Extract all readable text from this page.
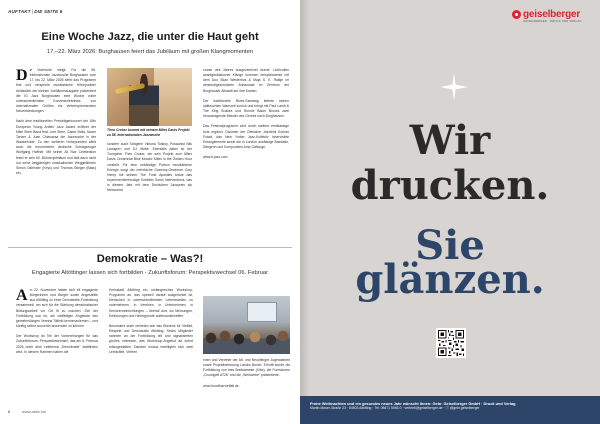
AUFTAKT|DIE SEITE 6
Eine Woche Jazz, die unter die Haut geht
17.–22. März 2026: Burghausen feiert das Jubiläum mit großen Klangmomenten

Die Vorfreude steigt: Für die 55. Internationale Jazzwoche Burghausen vom 17. bis 22. März 2026 steht das Programm fest und verspricht musikalische Höhepunkte! Anlässlich der kleinen Jubiläumsausgabe präsentiert die IG Jazz Burghausen eine Woche voller unterschiedlichster Konzerterlebnisse, von internationalen Größen bis vielversprechenden Neuentdeckungen.

Nach dem traditionellen Preisträgerkonzert der 16th European Young Artists' Jazz Award eröffnet der Mike Stern Band feat. Lent Stern, Gabor Bolla, Noam Tanzer & Juan Chiavassa die Jazzwoche in der Wackerhalle. Zu den weiteren Höhepunkten zählt auch die renommierte deutsche Schlagzeuger Wolfgang Haffner. Mit seiner All Star Celebration feiert er sein 60. Bühnenjubiläum und lädt dazu nicht nur seine langjährigen musikalischen Weggefährten Simon Oslender (Keys) und Thomas Stieger (Bass) ein,

Theo Croker kommt mit seinem Miles Davis Projekt zu 55. Internationalen Jazzwoche

sondern auch Sängerin Viktoria Tolstoy, Posaunist Nils Landgren und DJ Illvibe. Ebenfalls dabei ist der Trompeter Theo Croker, der sein Projekt zum Miles Davis Centennial Blue Moods: Miles in the Golden Hour vorstellt. Für eine unbändige Portion musikalische Energie sorgt der mehrfache Grammy-Gewinner Cory Henry mit seinem The Funk Apostles sowie das experimentierfreudige Kollektiv Sonic Interventions, das in diesem Jahr mit dem Deutschen Jazzpreis als Newcomer

comer des Jahres ausgezeichnet wurde. Lichtvollen avantgardistischer Klänge kommen beispielsweise mit dem Duo Stian Westerhus & Maja S. K. Ratkje im denkmalgeschützten Anbausaal im Zentrum der Burghauser Altstadt auf ihre Kosten.

Der traditionelle Blues-Samstag lieferte seinen sattleuchten Warnzeit zurück und bringt mit Paul Lamb & The King Snakes und Ronnie Baker Brooks zwei herausragende Meister des Genres nach Burghausen.

Das Festivalprogramm wird durch weitere erstklassige Acts ergänzt. Darunter der Gelsicher Jazzfesti Korhan Futaci, das New Yorker Jazz-Kollektiv Innervisible Entanglements sowie die in London ansässige Bassistin, Sängerin und Komponistin Amp Gallouge.

www.b-jazz.com

Demokratie – Was?!
Engagierte Altöttinger lassen sich fortbilden - Zukunftsforum: Perspektivwechsel 06. Februar

Am 22. November haben sich elf engagierte Bürgerinnen und Bürger sowie Angestellte aus Altötting zu einer Demokratie-Fortbildung versammelt, um sich für die Stärkung demokratischer Bildungsarbeit vor Ort fit zu machen. Ziel der Fortbildung war es, die vielfältigen Angebote des gemeinnützigen Vereins Tiklinki kennenzulernen – und künftig selbst souverän anwenden zu können.

Der Workshop ist Teil der Vorbereitungen für das Zukunftsforum: Perspektivwechsel, das am 6. Februar 2026 unter dem Leitthema „Demokratie“ stattfinden wird. In diesem Rahmen haben die

Kreisstadt Altötting ein umfangreiches Workshop-Programm an, das speziell darauf ausgerichtet ist, Menschen in unterschiedlichsten Lebenswelten zu unternehmen, in Vereinen, in Unternehmen, in Seniorenreinrichtungen – überall dort, wo Meinungen, Erfahrungen und Hintergründe aufeinandertreffen.

Besonders stark vertreten war das Bündnis für Vielfalt, Respekt und Demokratie Altötting. Sechs Mitglieder nahmen an der Fortbildung teil und signalisierten großes Interesse, das Workshop-Angebot ab sofort mitzugestalten. Darüber hinaus beteiligten sich zwei Lehrkräfte, Vertreri

nnen und Vertreter der Alt- und Neuöttinger Jugendarbeit sowie Projektbetreuung Landra Busch. Erhofft wurde die Fortbildung von Ines Breitsameter (Vibe), die Formatoren „Grundgeft AT26“ und die „Werkweke“ präsentierte.

www.bundfuervielfalt.de

6	www.aktiv.hui
geiselberger
GEISELBERGER · DRUCK UND VERLAG
Wir
drucken.
Sie
glänzen.
Frohe Weihnachten und ein gesundes neues Jahr wünscht Ihnen: Gebr. Geiselberger GmbH · Druck und Verlag
Martin-Moser-Straße 23 · 84503 Altötting · Tel. 08671 5065-0 · vertrieb@geiselberger.de · ⓘ @gebr.geiselberger
